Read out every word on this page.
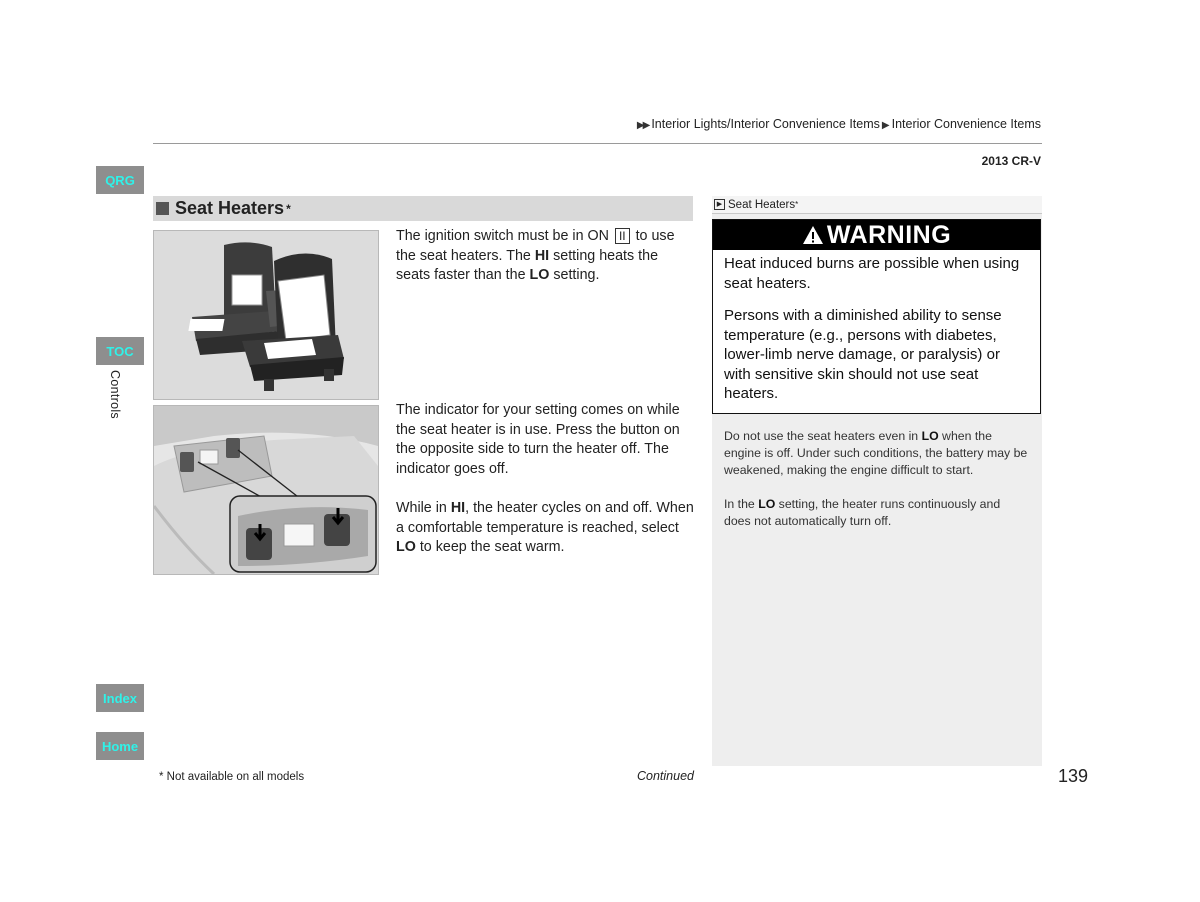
▶▶ Interior Lights/Interior Convenience Items ▶ Interior Convenience Items
2013 CR-V
QRG
TOC
Controls
Index
Home
Seat Heaters *
The ignition switch must be in ON II to use the seat heaters. The HI setting heats the seats faster than the LO setting.
The indicator for your setting comes on while the seat heater is in use. Press the button on the opposite side to turn the heater off. The indicator goes off.
While in HI, the heater cycles on and off. When a comfortable temperature is reached, select LO to keep the seat warm.
▶ Seat Heaters *
WARNING
Heat induced burns are possible when using seat heaters.
Persons with a diminished ability to sense temperature (e.g., persons with diabetes, lower-limb nerve damage, or paralysis) or with sensitive skin should not use seat heaters.
Do not use the seat heaters even in LO when the engine is off. Under such conditions, the battery may be weakened, making the engine difficult to start.
In the LO setting, the heater runs continuously and does not automatically turn off.
* Not available on all models	Continued	139
